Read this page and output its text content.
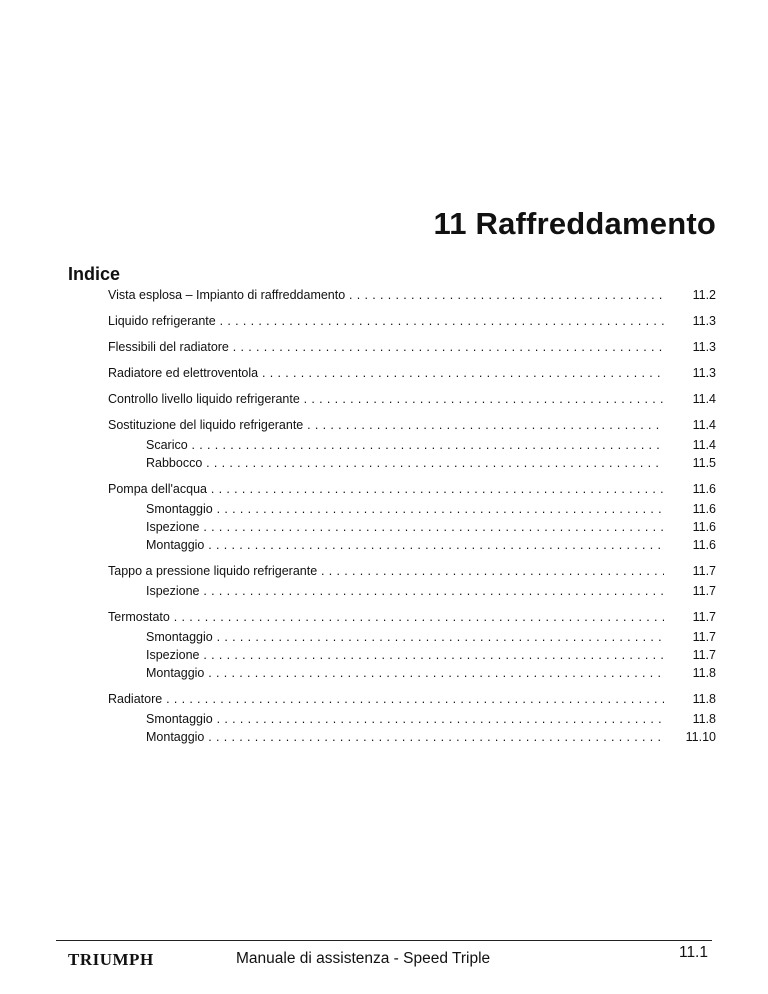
11 Raffreddamento
Indice
Vista esplosa – Impianto di raffreddamento . . .	11.2
Liquido refrigerante . . .	11.3
Flessibili del radiatore . . .	11.3
Radiatore ed elettroventola . . .	11.3
Controllo livello liquido refrigerante . . .	11.4
Sostituzione del liquido refrigerante . . .	11.4
Scarico . . .	11.4
Rabbocco . . .	11.5
Pompa dell'acqua . . .	11.6
Smontaggio . . .	11.6
Ispezione . . .	11.6
Montaggio . . .	11.6
Tappo a pressione liquido refrigerante . . .	11.7
Ispezione . . .	11.7
Termostato . . .	11.7
Smontaggio . . .	11.7
Ispezione . . .	11.7
Montaggio . . .	11.8
Radiatore . . .	11.8
Smontaggio . . .	11.8
Montaggio . . .	11.10
TRIUMPH	Manuale di assistenza - Speed Triple	11.1
